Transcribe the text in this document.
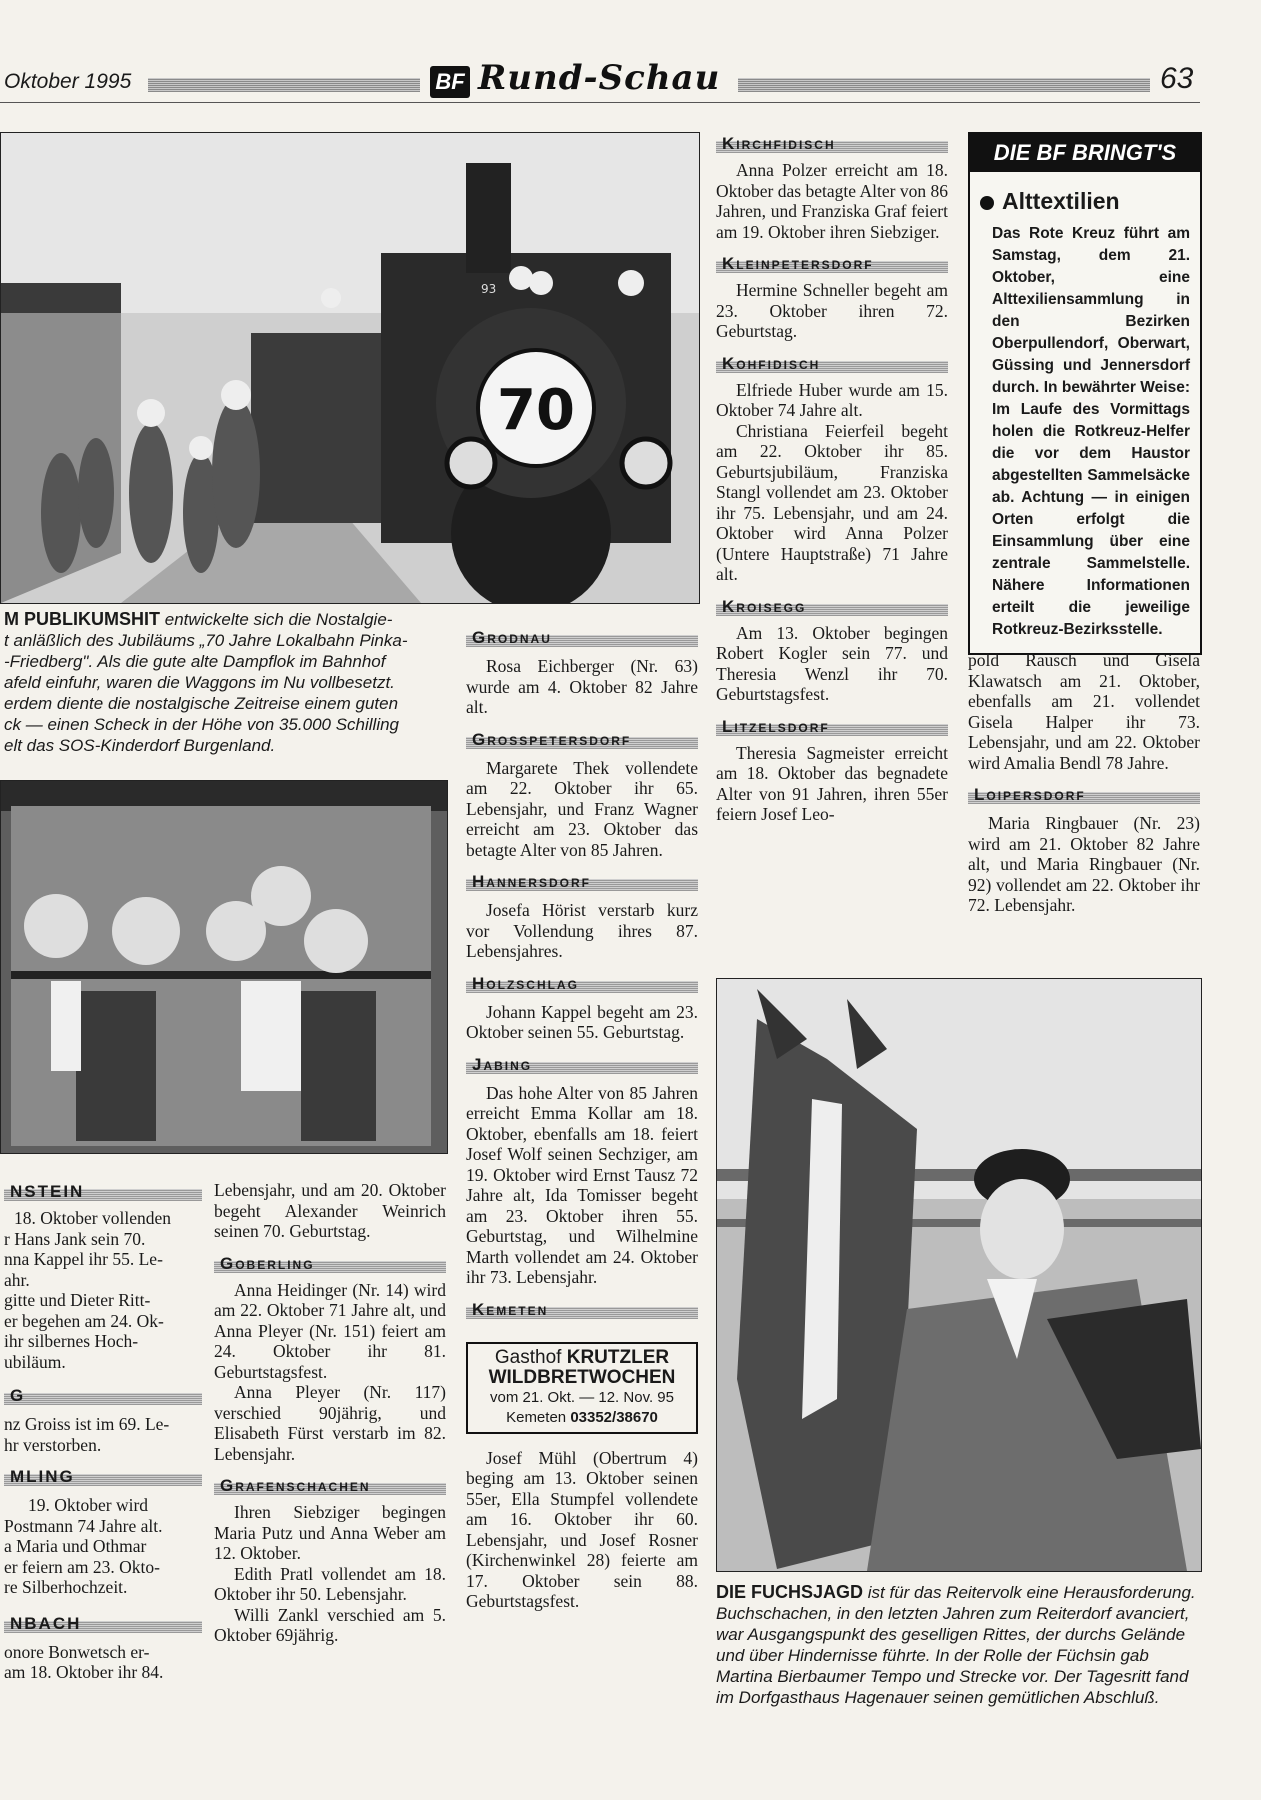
Oktober 1995	BF Rund-Schau	63
70
93
M PUBLIKUMSHIT entwickelte sich die Nostalgie-
t anläßlich des Jubiläums „70 Jahre Lokalbahn Pinka-
-Friedberg". Als die gute alte Dampflok im Bahnhof
afeld einfuhr, waren die Waggons im Nu vollbesetzt.
erdem diente die nostalgische Zeitreise einem guten
ck — einen Scheck in der Höhe von 35.000 Schilling
elt das SOS-Kinderdorf Burgenland.
NSTEIN
18. Oktober vollenden
r Hans Jank sein 70.
nna Kappel ihr 55. Le-
ahr.
gitte und Dieter Ritt-
er begehen am 24. Ok-
ihr silbernes Hoch-
ubiläum.
G
nz Groiss ist im 69. Le-
hr verstorben.
MLING
19. Oktober wird
Postmann 74 Jahre alt.
a Maria und Othmar
er feiern am 23. Okto-
re Silberhochzeit.
NBACH
onore Bonwetsch er-
am 18. Oktober ihr 84.
Lebensjahr, und am 20. Oktober begeht Alexander Weinrich seinen 70. Geburtstag.
Goberling

Anna Heidinger (Nr. 14) wird am 22. Oktober 71 Jahre alt, und Anna Pleyer (Nr. 151) feiert am 24. Oktober ihr 81. Geburtstagsfest.

Anna Pleyer (Nr. 117) verschied 90jährig, und Elisabeth Fürst verstarb im 82. Lebensjahr.

Grafenschachen

Ihren Siebziger begingen Maria Putz und Anna Weber am 12. Oktober.

Edith Pratl vollendet am 18. Oktober ihr 50. Lebensjahr.

Willi Zankl verschied am 5. Oktober 69jährig.

Grodnau

Rosa Eichberger (Nr. 63) wurde am 4. Oktober 82 Jahre alt.

Grosspetersdorf

Margarete Thek vollendete am 22. Oktober ihr 65. Lebensjahr, und Franz Wagner erreicht am 23. Oktober das betagte Alter von 85 Jahren.

Hannersdorf

Josefa Hörist verstarb kurz vor Vollendung ihres 87. Lebensjahres.

Holzschlag

Johann Kappel begeht am 23. Oktober seinen 55. Geburtstag.

Jabing

Das hohe Alter von 85 Jahren erreicht Emma Kollar am 18. Oktober, ebenfalls am 18. feiert Josef Wolf seinen Sechziger, am 19. Oktober wird Ernst Tausz 72 Jahre alt, Ida Tomisser begeht am 23. Oktober ihren 55. Geburtstag, und Wilhelmine Marth vollendet am 24. Oktober ihr 73. Lebensjahr.

Kemeten
Gasthof KRUTZLER
WILDBRETWOCHEN
vom 21. Okt. — 12. Nov. 95
Kemeten 03352/38670

Josef Mühl (Obertrum 4) beging am 13. Oktober seinen 55er, Ella Stumpfel vollendete am 16. Oktober ihr 60. Lebensjahr, und Josef Rosner (Kirchenwinkel 28) feierte am 17. Oktober sein 88. Geburtstagsfest.

Kirchfidisch

Anna Polzer erreicht am 18. Oktober das betagte Alter von 86 Jahren, und Franziska Graf feiert am 19. Oktober ihren Siebziger.

Kleinpetersdorf

Hermine Schneller begeht am 23. Oktober ihren 72. Geburtstag.

Kohfidisch

Elfriede Huber wurde am 15. Oktober 74 Jahre alt.

Christiana Feierfeil begeht am 22. Oktober ihr 85. Geburtsjubiläum, Franziska Stangl vollendet am 23. Oktober ihr 75. Lebensjahr, und am 24. Oktober wird Anna Polzer (Untere Hauptstraße) 71 Jahre alt.

Kroisegg

Am 13. Oktober begingen Robert Kogler sein 77. und Theresia Wenzl ihr 70. Geburtstagsfest.

Litzelsdorf

Theresia Sagmeister erreicht am 18. Oktober das begnadete Alter von 91 Jahren, ihren 55er feiern Josef Leo-

DIE BF BRINGT'S
Alttextilien
Das Rote Kreuz führt am Samstag, dem 21. Oktober, eine Alttexiliensammlung in den Bezirken Oberpullendorf, Oberwart, Güssing und Jennersdorf durch. In bewährter Weise: Im Laufe des Vormittags holen die Rotkreuz-Helfer die vor dem Haustor abgestellten Sammelsäcke ab. Achtung — in einigen Orten erfolgt die Einsammlung über eine zentrale Sammelstelle. Nähere Informationen erteilt die jeweilige Rotkreuz-Bezirksstelle.
pold Rausch und Gisela Klawatsch am 21. Oktober, ebenfalls am 21. vollendet Gisela Halper ihr 73. Lebensjahr, und am 22. Oktober wird Amalia Bendl 78 Jahre.
Loipersdorf

Maria Ringbauer (Nr. 23) wird am 21. Oktober 82 Jahre alt, und Maria Ringbauer (Nr. 92) vollendet am 22. Oktober ihr 72. Lebensjahr.

DIE FUCHSJAGD ist für das Reitervolk eine Herausforderung. Buchschachen, in den letzten Jahren zum Reiterdorf avanciert, war Ausgangspunkt des geselligen Rittes, der durchs Gelände und über Hindernisse führte. In der Rolle der Füchsin gab Martina Bierbaumer Tempo und Strecke vor. Der Tagesritt fand im Dorfgasthaus Hagenauer seinen gemütlichen Abschluß.
